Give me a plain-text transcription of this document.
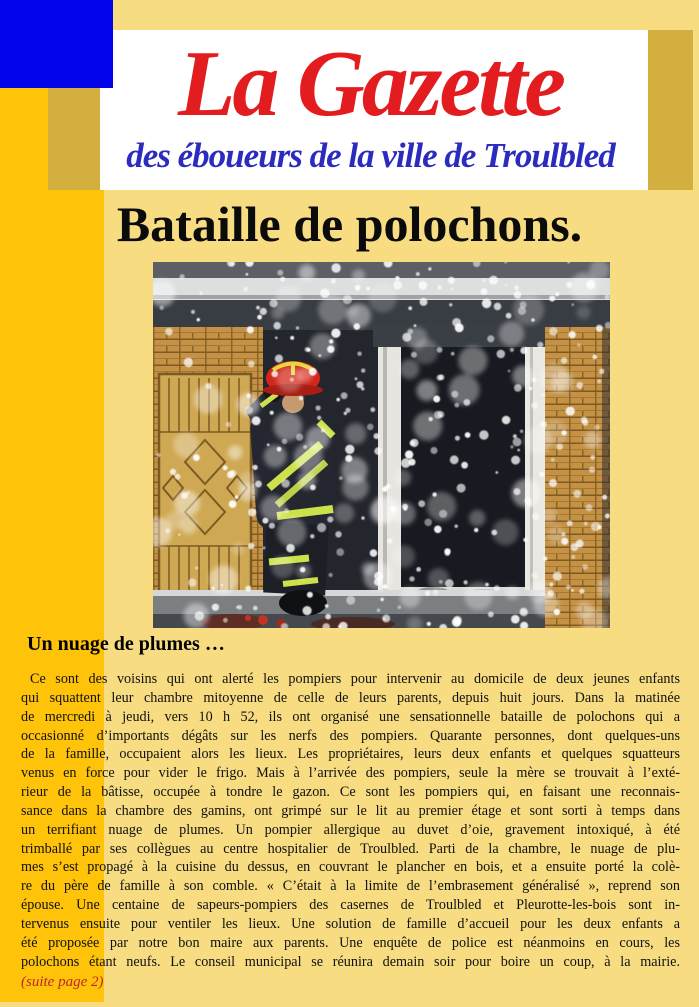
La Gazette
des éboueurs de la ville de Troulbled
Bataille de polochons.
Un nuage de plumes …
Ce sont des voisins qui ont alerté les pompiers pour intervenir au domicile de deux jeunes enfants
qui squattent leur chambre mitoyenne de celle de leurs parents, depuis huit jours. Dans la matinée
de mercredi à jeudi, vers 10 h 52, ils ont organisé une sensationnelle bataille de polochons qui a
occasionné d’importants dégâts sur les nerfs des pompiers. Quarante personnes, dont quelques-uns
de la famille, occupaient alors les lieux. Les propriétaires, leurs deux enfants et quelques squatteurs
venus en force pour vider le frigo. Mais à l’arrivée des pompiers, seule la mère se trouvait à l’exté-
rieur de la bâtisse, occupée à tondre le gazon. Ce sont les pompiers qui, en faisant une reconnais-
sance dans la chambre des gamins, ont grimpé sur le lit au premier étage et sont sorti à temps dans
un terrifiant nuage de plumes. Un pompier allergique au duvet d’oie, gravement intoxiqué, à été
trimballé par ses collègues au centre hospitalier de Troulbled. Parti de la chambre, le nuage de plu-
mes s’est propagé à la cuisine du dessus, en couvrant le plancher en bois, et a ensuite porté la colè-
re du père de famille à son comble. « C’était à la limite de l’embrasement généralisé », reprend son
épouse. Une centaine de sapeurs-pompiers des casernes de Troulbled et Pleurotte-les-bois sont in-
tervenus ensuite pour ventiler les lieux. Une solution de famille d’accueil pour les deux enfants a
été proposée par notre bon maire aux parents. Une enquête de police est néanmoins en cours, les
polochons étant neufs. Le conseil municipal se réunira demain soir pour boire un coup, à la mairie.
(suite page 2)
